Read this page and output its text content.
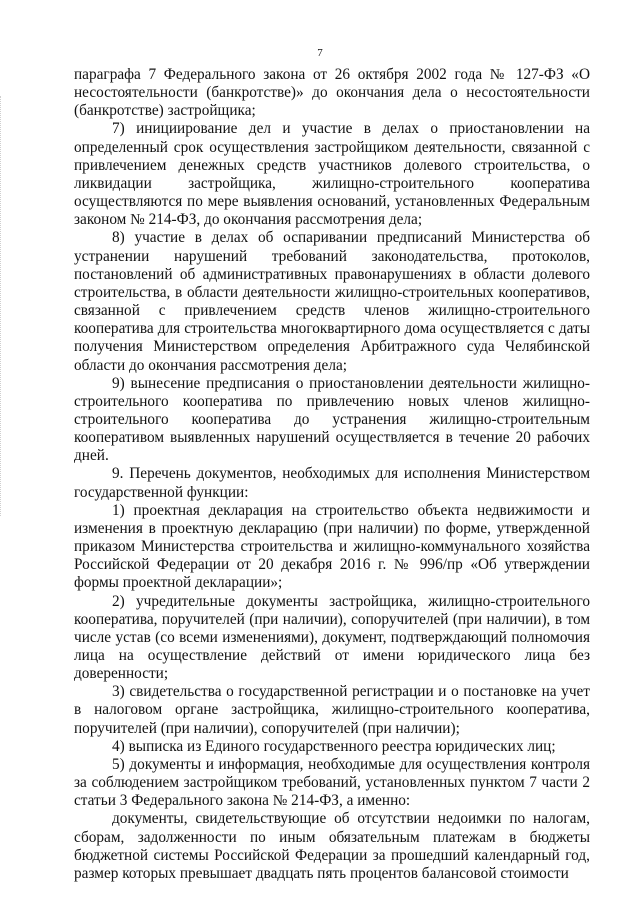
7

параграфа 7 Федерального закона от 26 октября 2002 года № 127-ФЗ «О несостоятельности (банкротстве)» до окончания дела о несостоятельности (банкротстве) застройщика;

7) инициирование дел и участие в делах о приостановлении на определенный срок осуществления застройщиком деятельности, связанной с привлечением денежных средств участников долевого строительства, о ликвидации застройщика, жилищно-строительного кооператива осуществляются по мере выявления оснований, установленных Федеральным законом № 214-ФЗ, до окончания рассмотрения дела;

8) участие в делах об оспаривании предписаний Министерства об устранении нарушений требований законодательства, протоколов, постановлений об административных правонарушениях в области долевого строительства, в области деятельности жилищно-строительных кооперативов, связанной с привлечением средств членов жилищно-строительного кооператива для строительства многоквартирного дома осуществляется с даты получения Министерством определения Арбитражного суда Челябинской области до окончания рассмотрения дела;

9) вынесение предписания о приостановлении деятельности жилищно-строительного кооператива по привлечению новых членов жилищно-строительного кооператива до устранения жилищно-строительным кооперативом выявленных нарушений осуществляется в течение 20 рабочих дней.

9. Перечень документов, необходимых для исполнения Министерством государственной функции:

1) проектная декларация на строительство объекта недвижимости и изменения в проектную декларацию (при наличии) по форме, утвержденной приказом Министерства строительства и жилищно-коммунального хозяйства Российской Федерации от 20 декабря 2016 г. № 996/пр «Об утверждении формы проектной декларации»;

2) учредительные документы застройщика, жилищно-строительного кооператива, поручителей (при наличии), сопоручителей (при наличии), в том числе устав (со всеми изменениями), документ, подтверждающий полномочия лица на осуществление действий от имени юридического лица без доверенности;

3) свидетельства о государственной регистрации и о постановке на учет в налоговом органе застройщика, жилищно-строительного кооператива, поручителей (при наличии), сопоручителей (при наличии);

4) выписка из Единого государственного реестра юридических лиц;

5) документы и информация, необходимые для осуществления контроля за соблюдением застройщиком требований, установленных пунктом 7 части 2 статьи 3 Федерального закона № 214-ФЗ, а именно:

документы, свидетельствующие об отсутствии недоимки по налогам, сборам, задолженности по иным обязательным платежам в бюджеты бюджетной системы Российской Федерации за прошедший календарный год, размер которых превышает двадцать пять процентов балансовой стоимости
